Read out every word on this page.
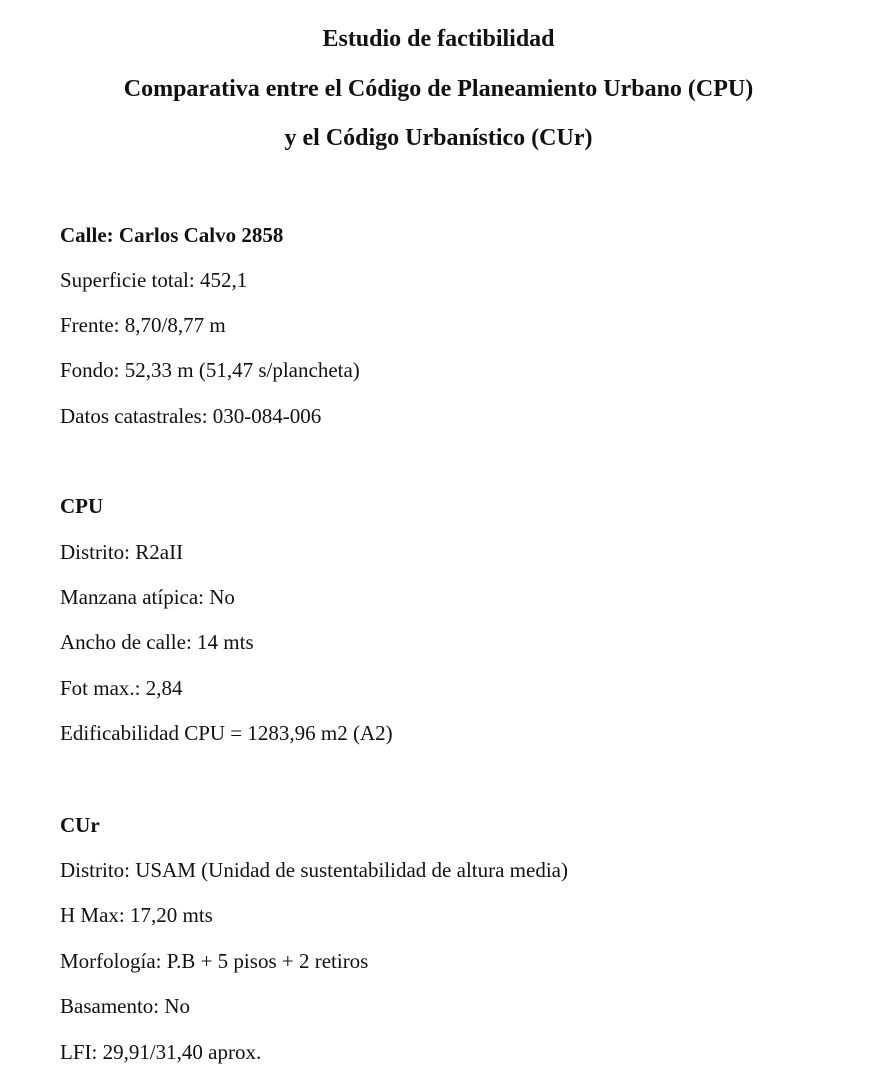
Estudio de factibilidad
Comparativa entre el Código de Planeamiento Urbano (CPU)
y el Código Urbanístico (CUr)
Calle: Carlos Calvo 2858
Superficie total: 452,1
Frente: 8,70/8,77 m
Fondo: 52,33 m (51,47 s/plancheta)
Datos catastrales: 030-084-006
CPU
Distrito: R2aII
Manzana atípica: No
Ancho de calle: 14 mts
Fot max.: 2,84
Edificabilidad CPU = 1283,96 m2 (A2)
CUr
Distrito: USAM (Unidad de sustentabilidad de altura media)
H Max: 17,20 mts
Morfología: P.B + 5 pisos + 2 retiros
Basamento: No
LFI: 29,91/31,40 aprox.
